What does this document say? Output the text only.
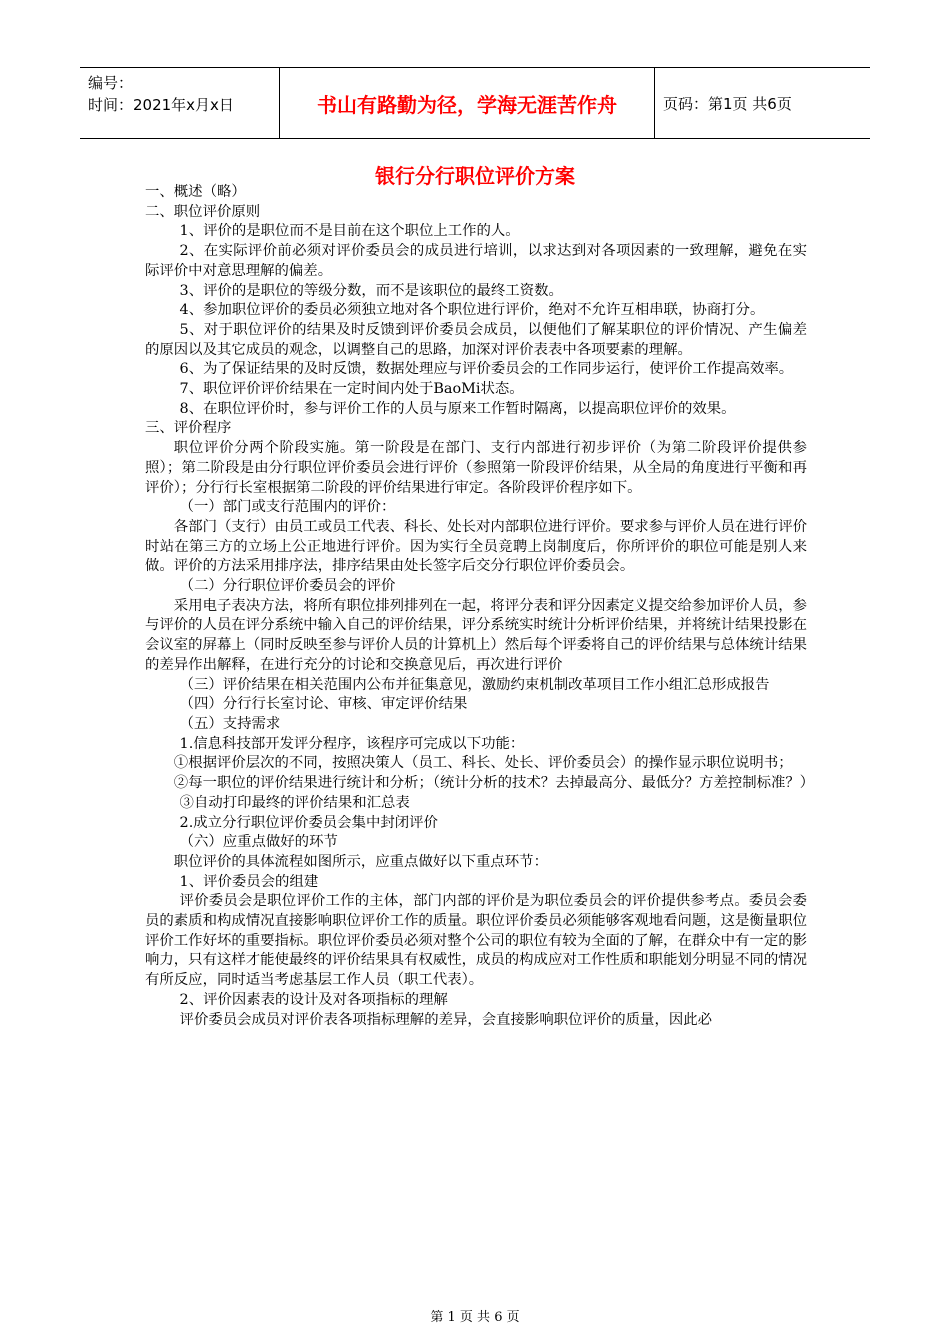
编号：
时间：2021年x月x日	书山有路勤为径，学海无涯苦作舟	页码：第1页 共6页
银行分行职位评价方案

一、概述（略）

二、职位评价原则

1、评价的是职位而不是目前在这个职位上工作的人。

2、在实际评价前必须对评价委员会的成员进行培训，以求达到对各项因素的一致理解，避免在实际评价中对意思理解的偏差。

3、评价的是职位的等级分数，而不是该职位的最终工资数。

4、参加职位评价的委员必须独立地对各个职位进行评价，绝对不允许互相串联，协商打分。

5、对于职位评价的结果及时反馈到评价委员会成员，以便他们了解某职位的评价情况、产生偏差的原因以及其它成员的观念，以调整自己的思路，加深对评价表表中各项要素的理解。

6、为了保证结果的及时反馈，数据处理应与评价委员会的工作同步运行，使评价工作提高效率。

7、职位评价评价结果在一定时间内处于BaoMi状态。

8、在职位评价时，参与评价工作的人员与原来工作暂时隔离，以提高职位评价的效果。

三、评价程序

职位评价分两个阶段实施。第一阶段是在部门、支行内部进行初步评价（为第二阶段评价提供参照）；第二阶段是由分行职位评价委员会进行评价（参照第一阶段评价结果，从全局的角度进行平衡和再评价）；分行行长室根据第二阶段的评价结果进行审定。各阶段评价程序如下。

（一）部门或支行范围内的评价：

各部门（支行）由员工或员工代表、科长、处长对内部职位进行评价。要求参与评价人员在进行评价时站在第三方的立场上公正地进行评价。因为实行全员竞聘上岗制度后，你所评价的职位可能是别人来做。评价的方法采用排序法，排序结果由处长签字后交分行职位评价委员会。

（二）分行职位评价委员会的评价

采用电子表决方法，将所有职位排列排列在一起，将评分表和评分因素定义提交给参加评价人员，参与评价的人员在评分系统中输入自己的评价结果，评分系统实时统计分析评价结果，并将统计结果投影在会议室的屏幕上（同时反映至参与评价人员的计算机上）然后每个评委将自己的评价结果与总体统计结果的差异作出解释，在进行充分的讨论和交换意见后，再次进行评价

（三）评价结果在相关范围内公布并征集意见，激励约束机制改革项目工作小组汇总形成报告

（四）分行行长室讨论、审核、审定评价结果

（五）支持需求

1.信息科技部开发评分程序，该程序可完成以下功能：

①根据评价层次的不同，按照决策人（员工、科长、处长、评价委员会）的操作显示职位说明书；

②每一职位的评价结果进行统计和分析；（统计分析的技术？去掉最高分、最低分？方差控制标准？）

③自动打印最终的评价结果和汇总表

2.成立分行职位评价委员会集中封闭评价

（六）应重点做好的环节

职位评价的具体流程如图所示，应重点做好以下重点环节：

1、评价委员会的组建

评价委员会是职位评价工作的主体，部门内部的评价是为职位委员会的评价提供参考点。委员会委员的素质和构成情况直接影响职位评价工作的质量。职位评价委员必须能够客观地看问题，这是衡量职位评价工作好坏的重要指标。职位评价委员必须对整个公司的职位有较为全面的了解，在群众中有一定的影响力，只有这样才能使最终的评价结果具有权威性，成员的构成应对工作性质和职能划分明显不同的情况有所反应，同时适当考虑基层工作人员（职工代表）。

2、评价因素表的设计及对各项指标的理解

评价委员会成员对评价表各项指标理解的差异，会直接影响职位评价的质量，因此必

第 1 页 共 6 页
